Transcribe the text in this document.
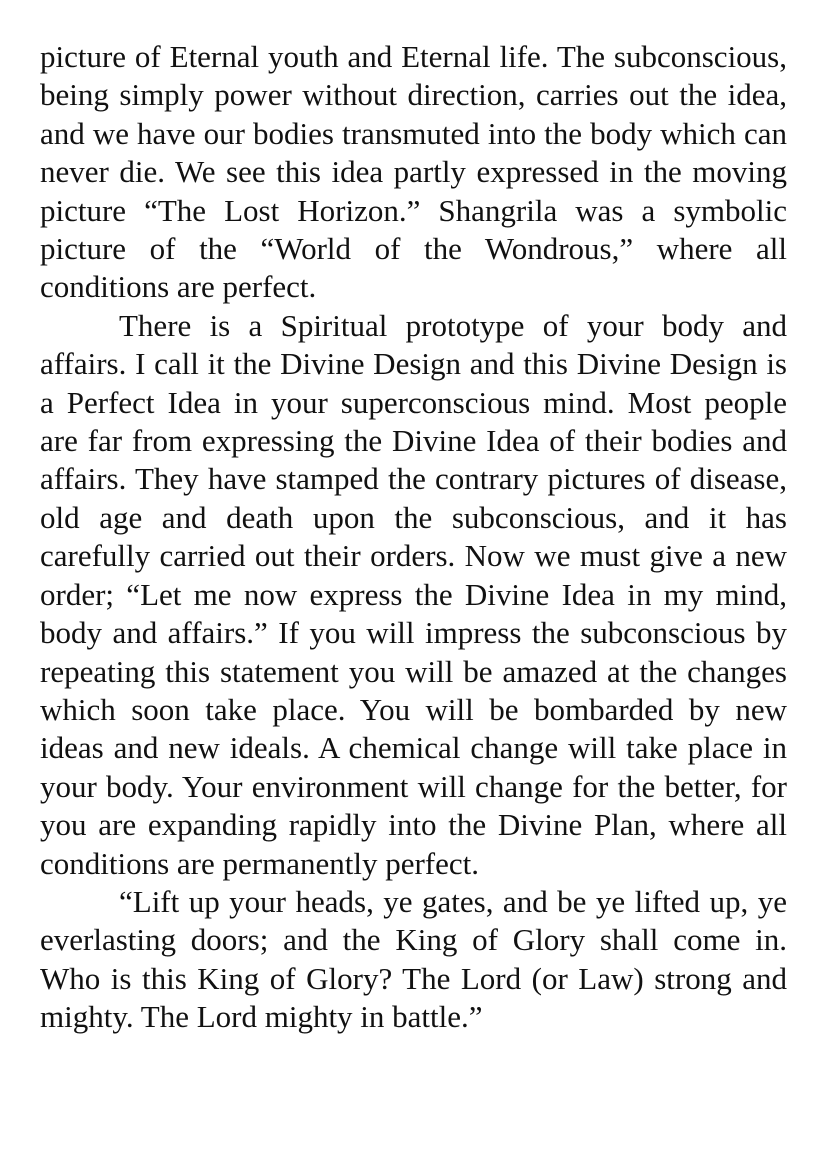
picture of Eternal youth and Eternal life. The subconscious, being simply power without direction, carries out the idea, and we have our bodies transmuted into the body which can never die. We see this idea partly expressed in the moving picture “The Lost Horizon.” Shangrila was a symbolic picture of the “World of the Wondrous,” where all conditions are perfect.

There is a Spiritual prototype of your body and affairs. I call it the Divine Design and this Divine Design is a Perfect Idea in your superconscious mind. Most people are far from expressing the Divine Idea of their bodies and affairs. They have stamped the contrary pictures of disease, old age and death upon the subconscious, and it has carefully carried out their orders. Now we must give a new order; “Let me now express the Divine Idea in my mind, body and affairs.” If you will impress the subconscious by repeating this statement you will be amazed at the changes which soon take place. You will be bombarded by new ideas and new ideals. A chemical change will take place in your body. Your environment will change for the better, for you are expanding rapidly into the Divine Plan, where all conditions are permanently perfect.

“Lift up your heads, ye gates, and be ye lifted up, ye everlasting doors; and the King of Glory shall come in. Who is this King of Glory? The Lord (or Law) strong and mighty. The Lord mighty in battle.”
